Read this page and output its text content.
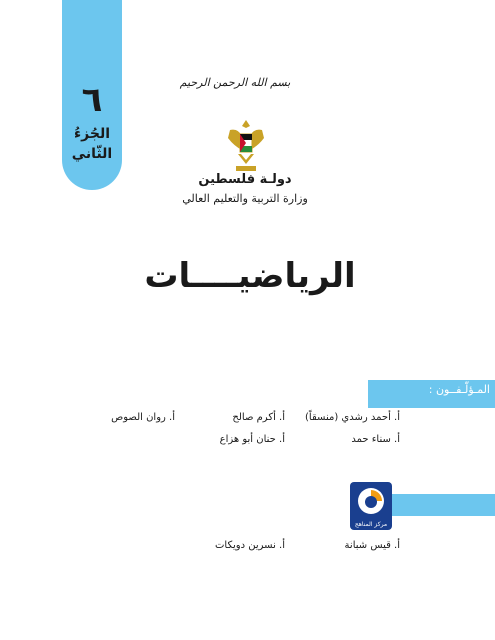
٦
الجُزءُ
الثّاني
بسم الله الرحمن الرحيم
دولـة فلسطين
وزارة التربية والتعليم العالي
الرياضيــــات
المـؤلّـفــون :
أ. أحمد رشدي (منسقاً)
أ. أكرم صالح
أ. روان الصوص
أ. سناء حمد
أ. حنان أبو هزاع
أ. قيس شبانة
أ. نسرين دويكات
مركز المناهج
